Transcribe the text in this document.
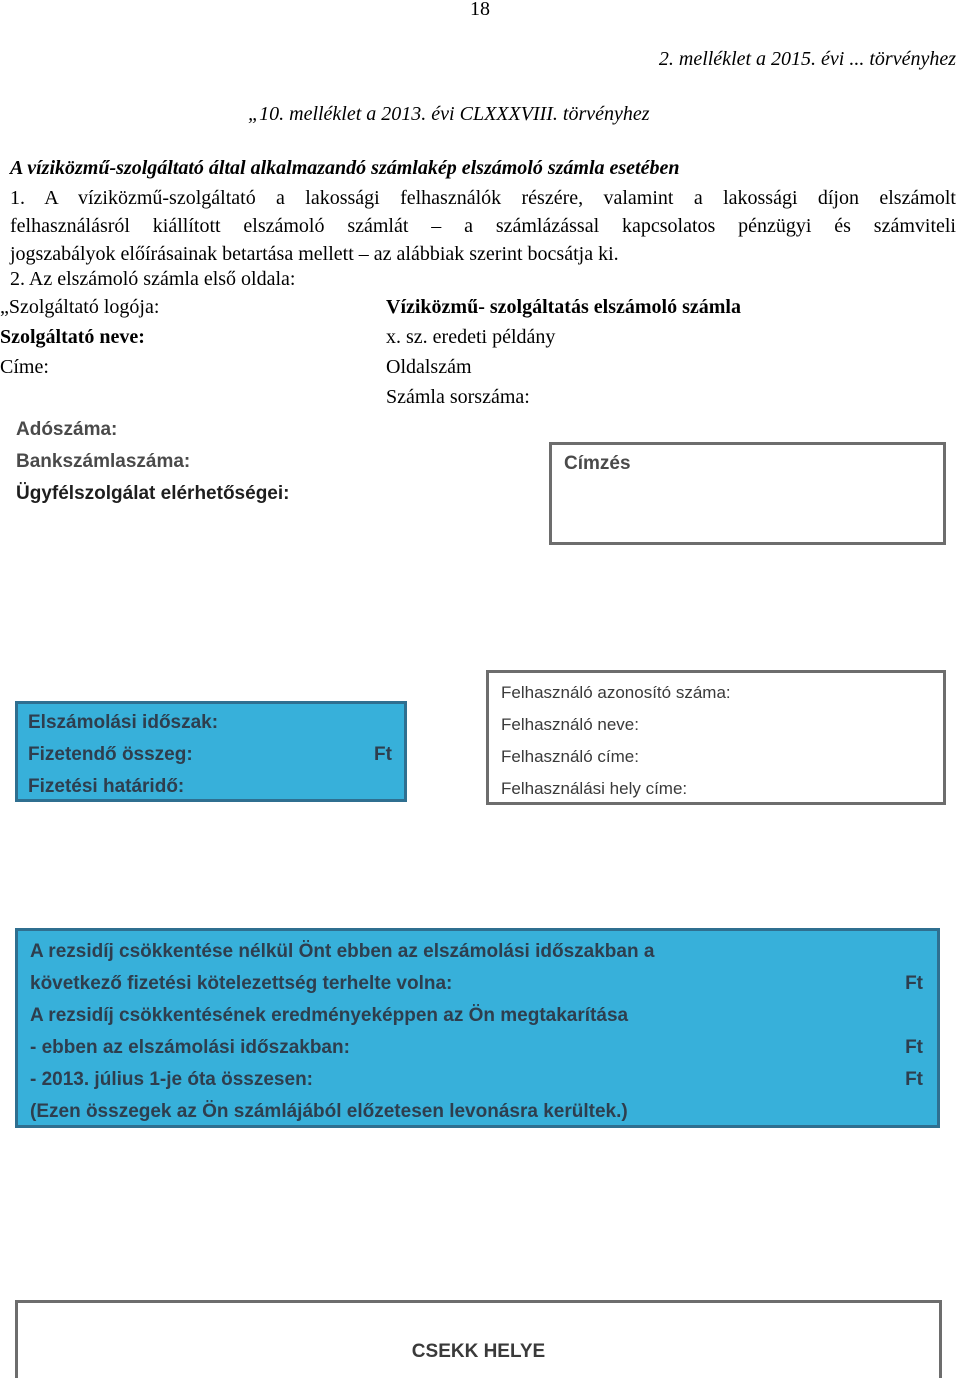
18
2. melléklet a 2015. évi ... törvényhez
„10. melléklet a 2013. évi CLXXXVIII. törvényhez
A víziközmű-szolgáltató által alkalmazandó számlakép elszámoló számla esetében
1. A víziközmű-szolgáltató a lakossági felhasználók részére, valamint a lakossági díjon elszámolt
felhasználásról kiállított elszámoló számlát – a számlázással kapcsolatos pénzügyi és számviteli
jogszabályok előírásainak betartása mellett – az alábbiak szerint bocsátja ki.
2. Az elszámoló számla első oldala:
„Szolgáltató logója:
Szolgáltató neve:
Címe:
Víziközmű- szolgáltatás elszámoló számla
x. sz. eredeti példány
Oldalszám
Számla sorszáma:
Adószáma:
Bankszámlaszáma:
Ügyfélszolgálat elérhetőségei:
Címzés
Felhasználó azonosító száma:
Felhasználó neve:
Felhasználó címe:
Felhasználási hely címe:
Elszámolási időszak:
Fizetendő összeg:	Ft
Fizetési határidő:
A rezsidíj csökkentése nélkül Önt ebben az elszámolási időszakban a
következő fizetési kötelezettség terhelte volna:	Ft
A rezsidíj csökkentésének eredményeképpen az Ön megtakarítása
- ebben az elszámolási időszakban:	Ft
- 2013. július 1-je óta összesen:	Ft
(Ezen összegek az Ön számlájából előzetesen levonásra kerültek.)
CSEKK HELYE
